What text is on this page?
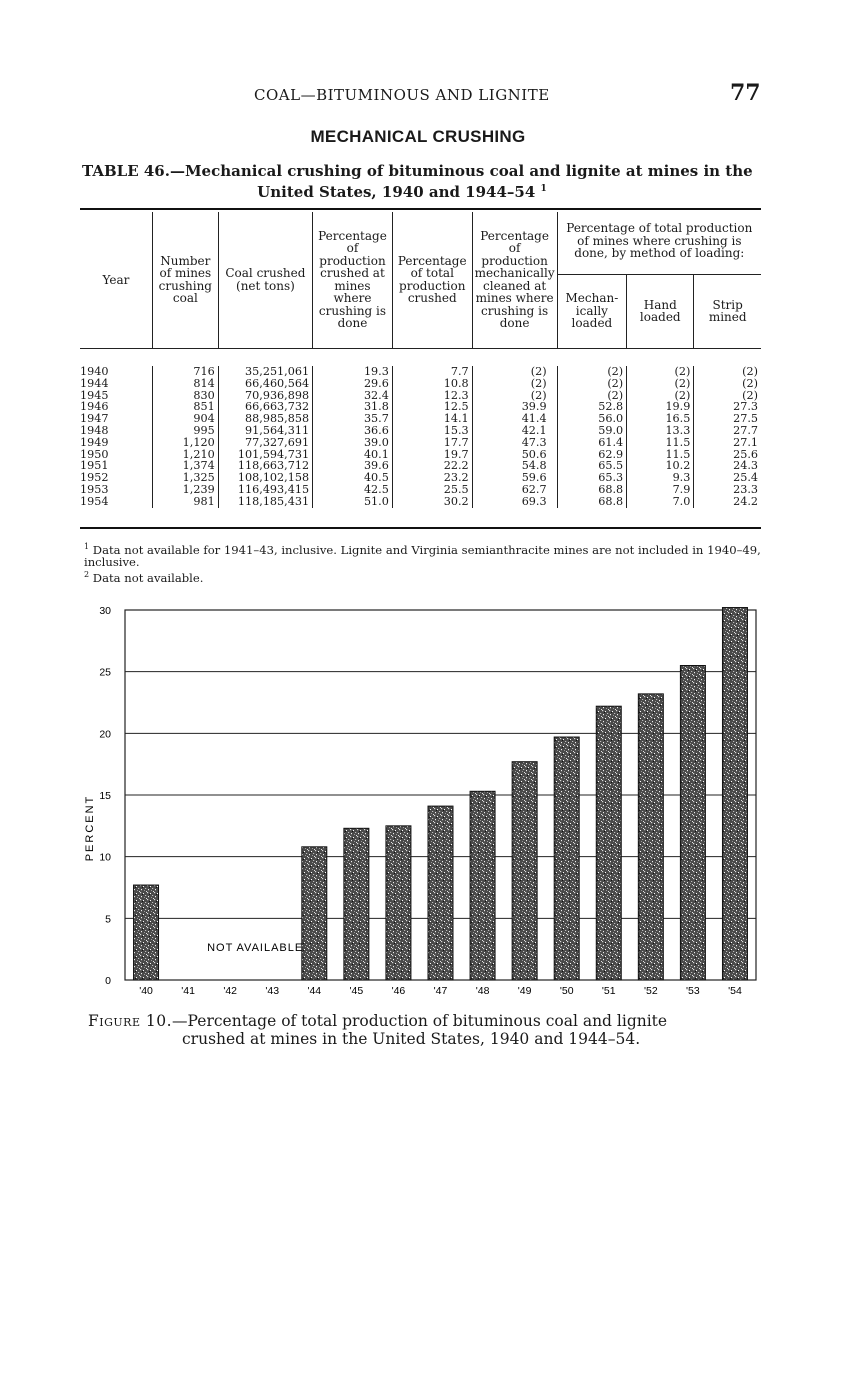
COAL—BITUMINOUS AND LIGNITE	77
MECHANICAL CRUSHING
TABLE 46.—Mechanical crushing of bituminous coal and lignite at mines in the
United States, 1940 and 1944–54 $^1$
Year	Number of mines crushing coal	Coal crushed (net tons)	Percentage of production crushed at mines where crushing is done	Percentage of total production crushed	Percentage of production mechanically cleaned at mines where crushing is done	Percentage of total production of mines where crushing is done, by method of loading:		
						Mechan-ically loaded	Hand loaded	Strip mined

1940	716	35,251,061	19.3	7.7	(2)	(2)	(2)	(2)
1944	814	66,460,564	29.6	10.8	(2)	(2)	(2)	(2)
1945	830	70,936,898	32.4	12.3	(2)	(2)	(2)	(2)
1946	851	66,663,732	31.8	12.5	39.9	52.8	19.9	27.3
1947	904	88,985,858	35.7	14.1	41.4	56.0	16.5	27.5
1948	995	91,564,311	36.6	15.3	42.1	59.0	13.3	27.7
1949	1,120	77,327,691	39.0	17.7	47.3	61.4	11.5	27.1
1950	1,210	101,594,731	40.1	19.7	50.6	62.9	11.5	25.6
1951	1,374	118,663,712	39.6	22.2	54.8	65.5	10.2	24.3
1952	1,325	108,102,158	40.5	23.2	59.6	65.3	9.3	25.4
1953	1,239	116,493,415	42.5	25.5	62.7	68.8	7.9	23.3
1954	981	118,185,431	51.0	30.2	69.3	68.8	7.0	24.2
$^1$ Data not available for 1941–43, inclusive. Lignite and Virginia semianthracite mines are not included in 1940–49, inclusive.
$^2$ Data not available.
0
5
10
15
20
25
30
'40	'41	'42	'43	'44	'45	'46	'47	'48	'49	'50	'51	'52	'53	'54
NOT AVAILABLE
PERCENT
Figure 10.—Percentage of total production of bituminous coal and lignite
crushed at mines in the United States, 1940 and 1944–54.
